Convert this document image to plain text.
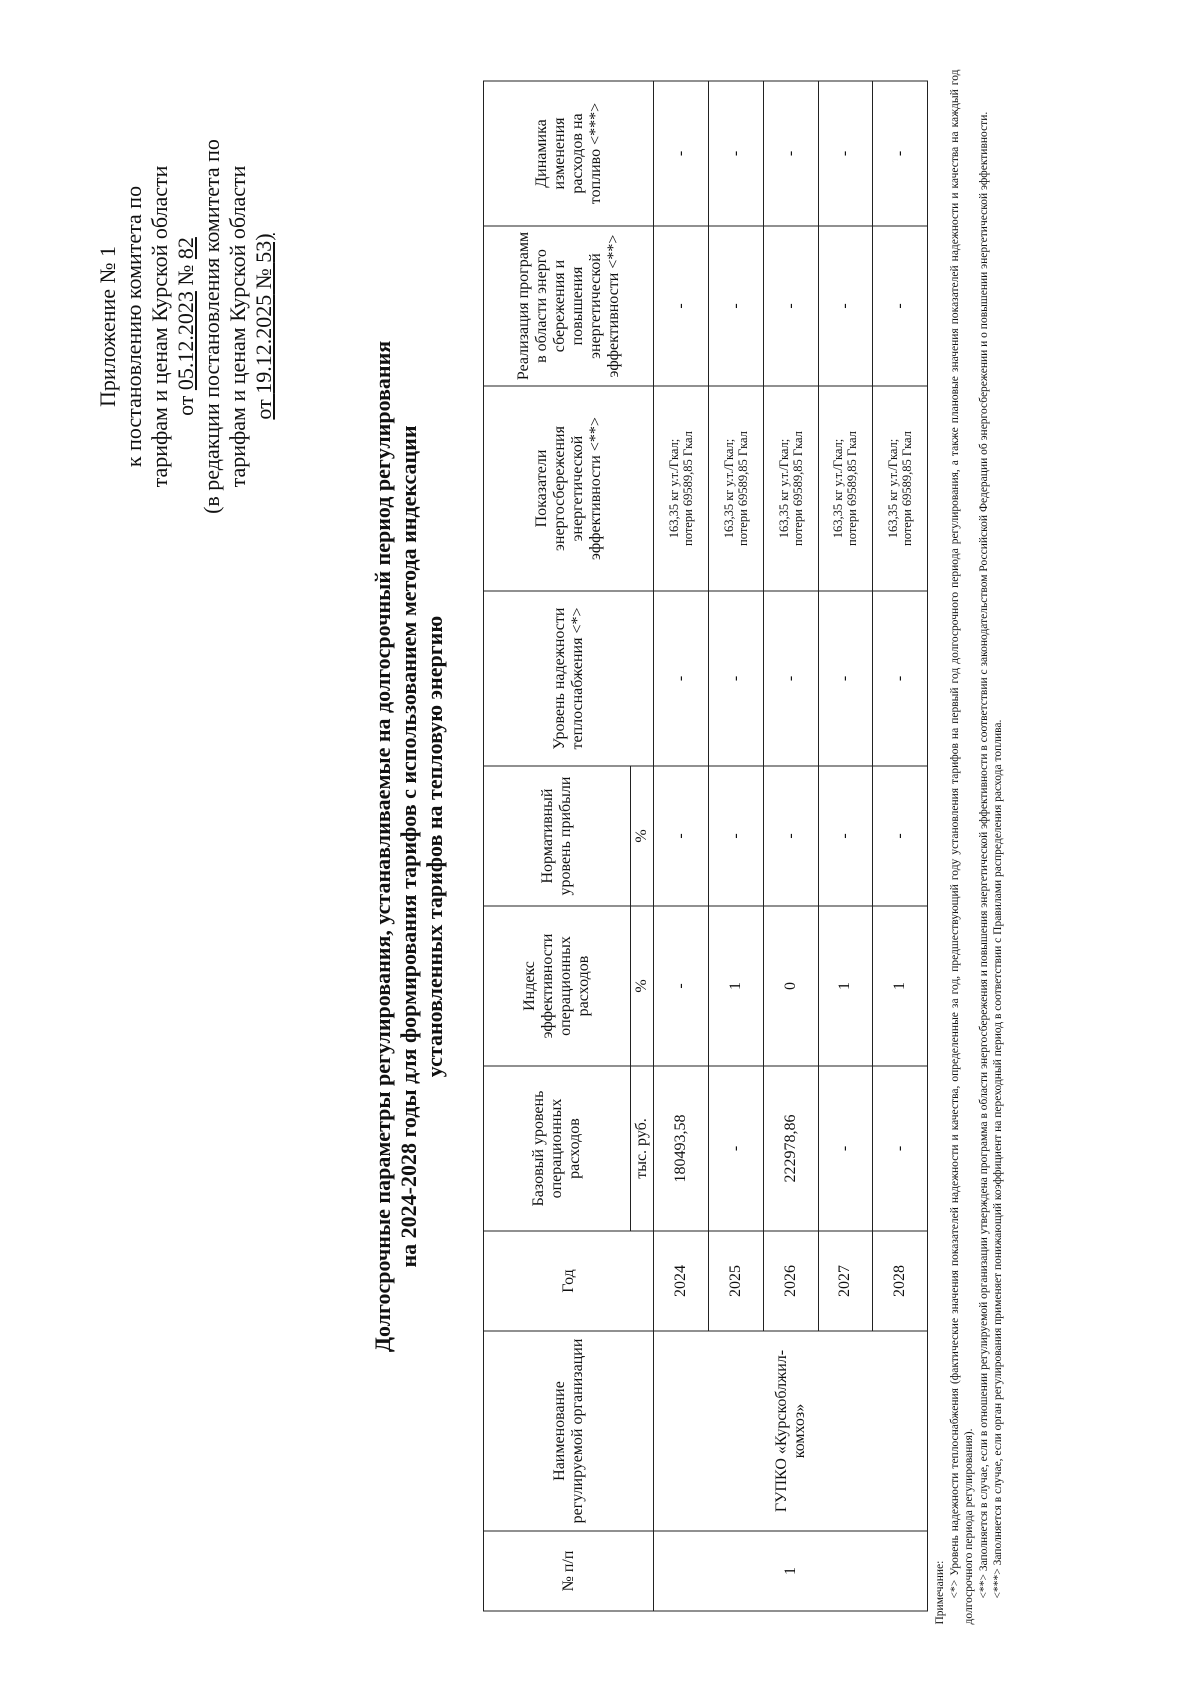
Приложение № 1 к постановлению комитета по тарифам и ценам Курской области от 05.12.2023 № 82 (в редакции постановления комитета по тарифам и ценам Курской области от 19.12.2025 № 53)
Долгосрочные параметры регулирования, устанавливаемые на долгосрочный период регулирования на 2024-2028 годы для формирования тарифов с использованием метода индексации установленных тарифов на тепловую энергию
№ п/п	Наименование регулируемой организации	Год	Базовый уровень операционных расходов	Индекс эффективности операционных расходов	Нормативный уровень прибыли	Уровень надежности теплоснабжения <*>	Показатели энергосбережения энергетической эффективности <**>	Реализация программ в области энерго сбережения и повышения энергетической эффективности <**>	Динамика изменения расходов на топливо <***>
			тыс. руб.	%	%				
1	ГУПКО «Курскоблжил-комхоз»	2024	180493,58	-	-	-	163,35 кг у.т./Гкал; потери 69589,85 Гкал	-	-
		2025	-	1	-	-	163,35 кг у.т./Гкал; потери 69589,85 Гкал	-	-
		2026	222978,86	0	-	-	163,35 кг у.т./Гкал; потери 69589,85 Гкал	-	-
		2027	-	1	-	-	163,35 кг у.т./Гкал; потери 69589,85 Гкал	-	-
		2028	-	1	-	-	163,35 кг у.т./Гкал; потери 69589,85 Гкал	-	-

Примечание: <*> Уровень надежности теплоснабжения (фактические значения показателей надежности и качества, определенные за год, предшествующий году установления тарифов на первый год долгосрочного периода регулирования, а также плановые значения показателей надежности и качества на каждый год долгосрочного периода регулирования). <**> Заполняется в случае, если в отношении регулируемой организации утверждена программа в области энергосбережения и повышения энергетической эффективности в соответствии с законодательством Российской Федерации об энергосбережении и о повышении энергетической эффективности. <***> Заполняется в случае, если орган регулирования применяет понижающий коэффициент на переходный период в соответствии с Правилами распределения расхода топлива.
